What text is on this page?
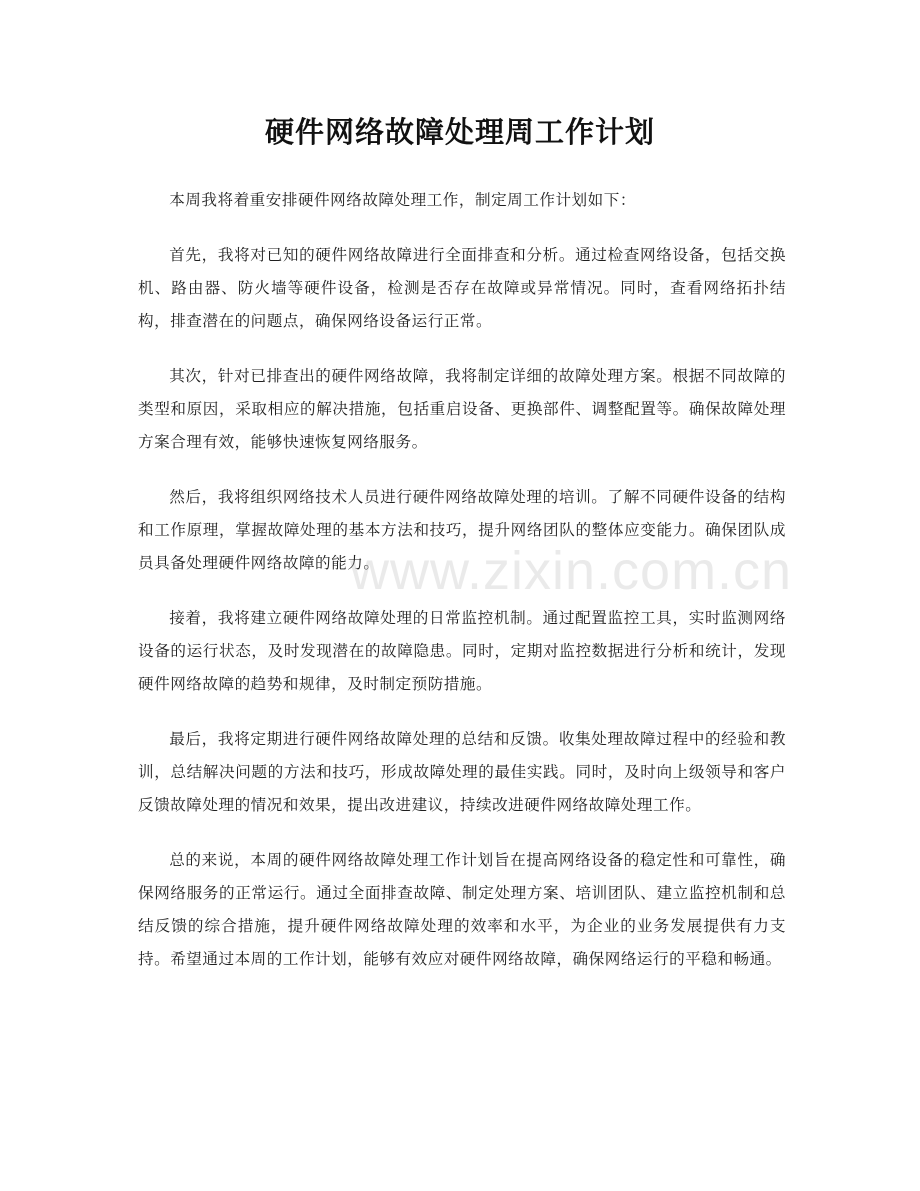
硬件网络故障处理周工作计划

本周我将着重安排硬件网络故障处理工作，制定周工作计划如下：

首先，我将对已知的硬件网络故障进行全面排查和分析。通过检查网络设备，包括交换机、路由器、防火墙等硬件设备，检测是否存在故障或异常情况。同时，查看网络拓扑结构，排查潜在的问题点，确保网络设备运行正常。

其次，针对已排查出的硬件网络故障，我将制定详细的故障处理方案。根据不同故障的类型和原因，采取相应的解决措施，包括重启设备、更换部件、调整配置等。确保故障处理方案合理有效，能够快速恢复网络服务。

然后，我将组织网络技术人员进行硬件网络故障处理的培训。了解不同硬件设备的结构和工作原理，掌握故障处理的基本方法和技巧，提升网络团队的整体应变能力。确保团队成员具备处理硬件网络故障的能力。

接着，我将建立硬件网络故障处理的日常监控机制。通过配置监控工具，实时监测网络设备的运行状态，及时发现潜在的故障隐患。同时，定期对监控数据进行分析和统计，发现硬件网络故障的趋势和规律，及时制定预防措施。

最后，我将定期进行硬件网络故障处理的总结和反馈。收集处理故障过程中的经验和教训，总结解决问题的方法和技巧，形成故障处理的最佳实践。同时，及时向上级领导和客户反馈故障处理的情况和效果，提出改进建议，持续改进硬件网络故障处理工作。

总的来说，本周的硬件网络故障处理工作计划旨在提高网络设备的稳定性和可靠性，确保网络服务的正常运行。通过全面排查故障、制定处理方案、培训团队、建立监控机制和总结反馈的综合措施，提升硬件网络故障处理的效率和水平，为企业的业务发展提供有力支持。希望通过本周的工作计划，能够有效应对硬件网络故障，确保网络运行的平稳和畅通。

www.zixin.com.cn
